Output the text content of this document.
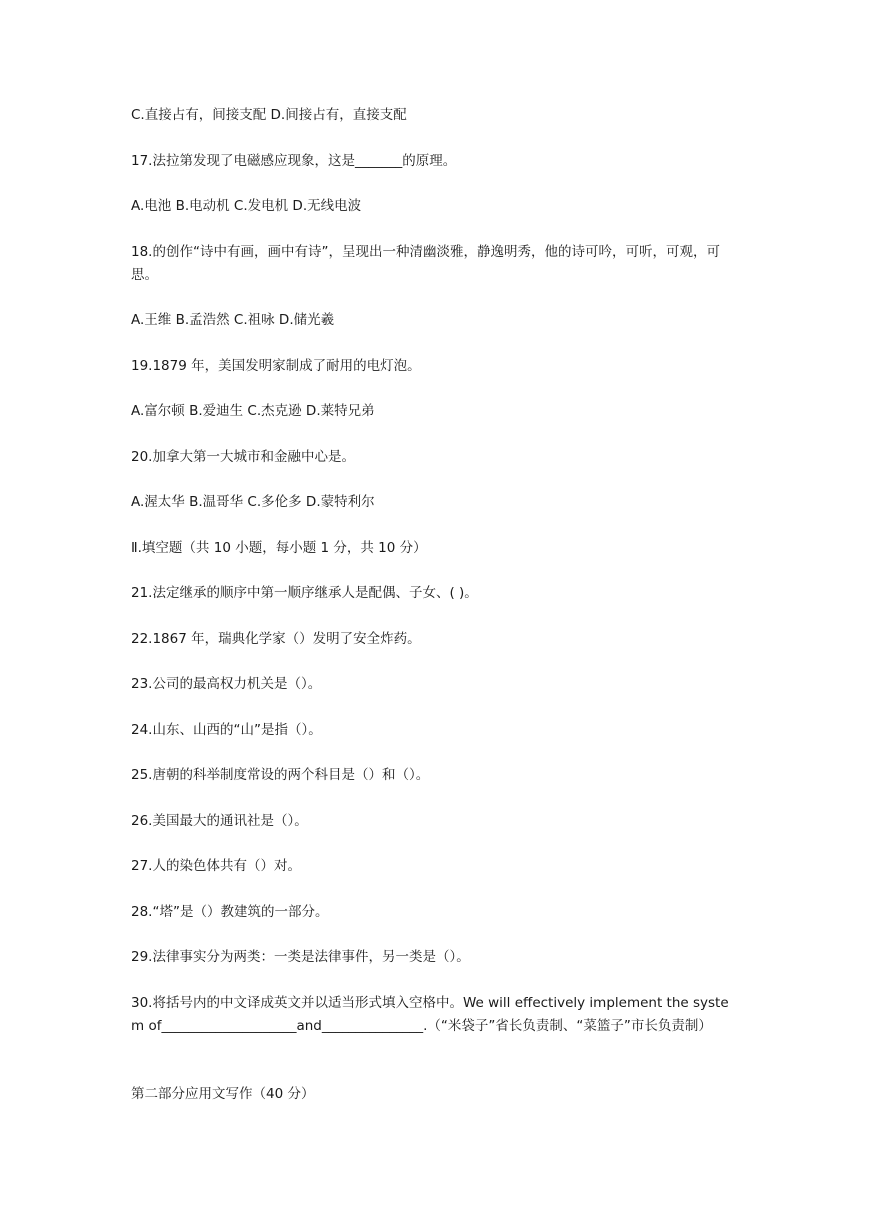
C.直接占有，间接支配 D.间接占有，直接支配
17.法拉第发现了电磁感应现象，这是_______的原理。
A.电池 B.电动机 C.发电机 D.无线电波
18.的创作“诗中有画，画中有诗”，呈现出一种清幽淡雅，静逸明秀，他的诗可吟，可听，可观，可思。
A.王维 B.孟浩然 C.祖咏 D.储光羲
19.1879 年，美国发明家制成了耐用的电灯泡。
A.富尔顿 B.爱迪生 C.杰克逊 D.莱特兄弟
20.加拿大第一大城市和金融中心是。
A.渥太华 B.温哥华 C.多伦多 D.蒙特利尔
Ⅱ.填空题（共 10 小题，每小题 1 分，共 10 分）
21.法定继承的顺序中第一顺序继承人是配偶、子女、( )。
22.1867 年，瑞典化学家（）发明了安全炸药。
23.公司的最高权力机关是（）。
24.山东、山西的“山”是指（）。
25.唐朝的科举制度常设的两个科目是（）和（）。
26.美国最大的通讯社是（）。
27.人的染色体共有（）对。
28.“塔”是（）教建筑的一部分。
29.法律事实分为两类：一类是法律事件，另一类是（）。
30.将括号内的中文译成英文并以适当形式填入空格中。We will effectively implement the system of____________________and_______________.（“米袋子”省长负责制、“菜篮子”市长负责制）
第二部分应用文写作（40 分）
